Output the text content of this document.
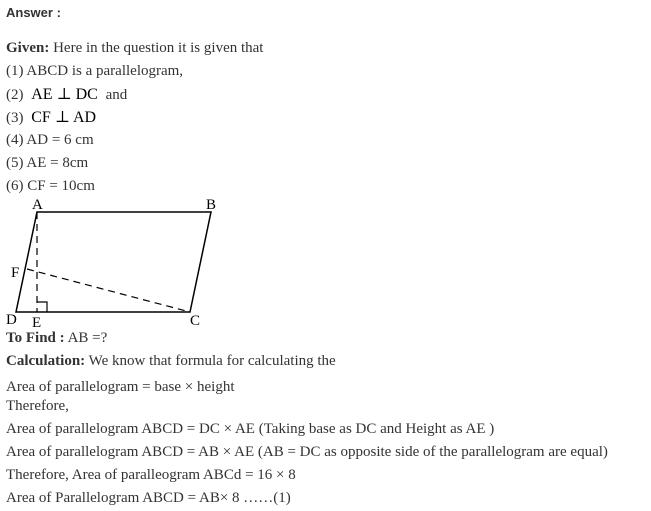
Answer :
Given: Here in the question it is given that
(1) ABCD is a parallelogram,
(2) AE ⊥ DC and
(3) CF ⊥ AD
(4) AD = 6 cm
(5) AE = 8cm
(6) CF = 10cm
A	B
C
D E
F
To Find : AB =?
Calculation: We know that formula for calculating the
Area of parallelogram = base × height
Therefore,
Area of parallelogram ABCD = DC × AE (Taking base as DC and Height as AE )
Area of parallelogram ABCD = AB × AE (AB = DC as opposite side of the parallelogram are equal)
Therefore, Area of paralleogram ABCd = 16 × 8
Area of Parallelogram ABCD = AB× 8 ……(1)
